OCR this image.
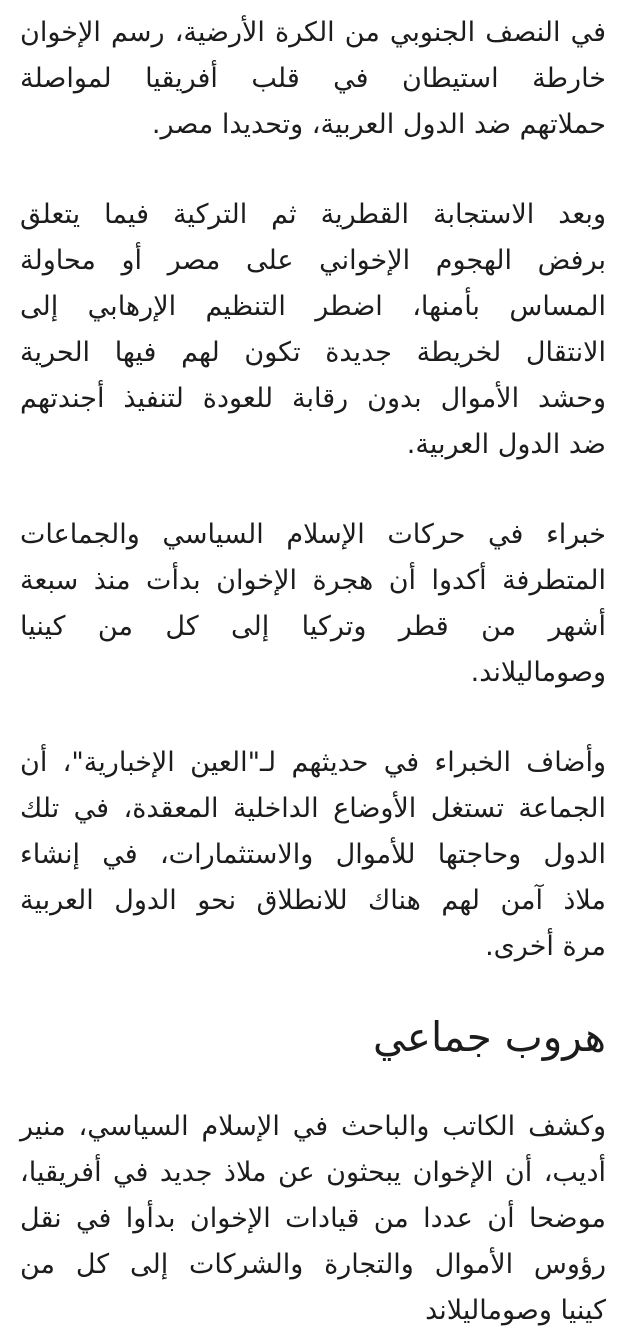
في النصف الجنوبي من الكرة الأرضية، رسم الإخوان
خارطة استيطان في قلب أفريقيا لمواصلة
حملاتهم ضد الدول العربية، وتحديدا مصر.

وبعد الاستجابة القطرية ثم التركية فيما يتعلق
برفض الهجوم الإخواني على مصر أو محاولة
المساس بأمنها، اضطر التنظيم الإرهابي إلى
الانتقال لخريطة جديدة تكون لهم فيها الحرية
وحشد الأموال بدون رقابة للعودة لتنفيذ أجندتهم
ضد الدول العربية.

خبراء في حركات الإسلام السياسي والجماعات
المتطرفة أكدوا أن هجرة الإخوان بدأت منذ سبعة
أشهر من قطر وتركيا إلى كل من كينيا
وصوماليلاند.

وأضاف الخبراء في حديثهم لـ"العين الإخبارية"، أن
الجماعة تستغل الأوضاع الداخلية المعقدة، في تلك
الدول وحاجتها للأموال والاستثمارات، في إنشاء
ملاذ آمن لهم هناك للانطلاق نحو الدول العربية
مرة أخرى.

هروب جماعي

وكشف الكاتب والباحث في الإسلام السياسي، منير
أديب، أن الإخوان يبحثون عن ملاذ جديد في أفريقيا،
موضحا أن عددا من قيادات الإخوان بدأوا في نقل
رؤوس الأموال والتجارة والشركات إلى كل من
كينيا وصوماليلاند
